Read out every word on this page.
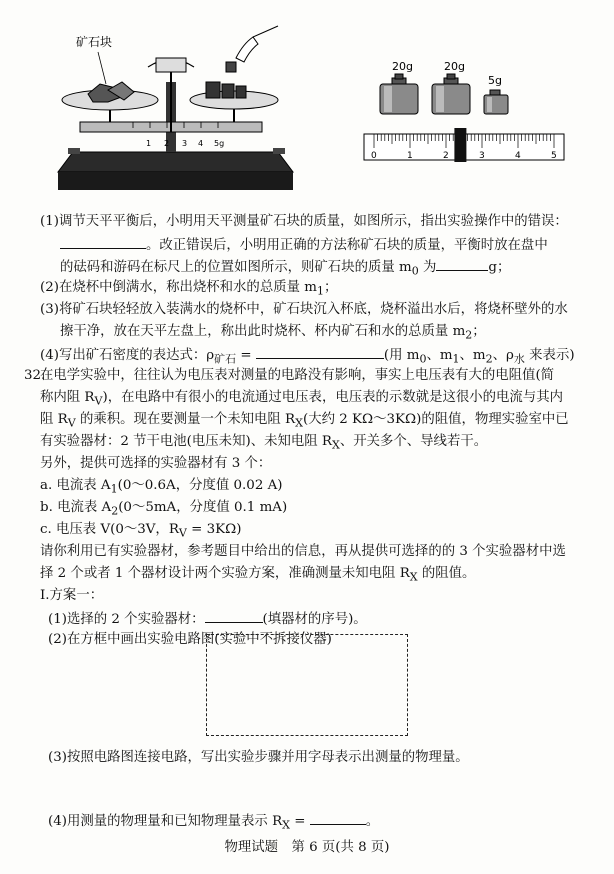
矿石块
1 2 3 4 5g
20g	20g
5g
0	1	2	3	4	5
(1)调节天平平衡后，小明用天平测量矿石块的质量，如图所示，指出实验操作中的错误：
。改正错误后，小明用正确的方法称矿石块的质量，平衡时放在盘中
的砝码和游码在标尺上的位置如图所示，则矿石块的质量 $m_0$ 为	g；
(2)在烧杯中倒满水，称出烧杯和水的总质量 $m_1$；
(3)将矿石块轻轻放入装满水的烧杯中，矿石块沉入杯底，烧杯溢出水后，将烧杯壁外的水
擦干净，放在天平左盘上，称出此时烧杯、杯内矿石和水的总质量 $m_2$；
(4)写出矿石密度的表达式：$\rho_{矿石}$ =	(用 $m_0$、$m_1$、$m_2$、$\rho_水$ 来表示)
32.在电学实验中，往往认为电压表对测量的电路没有影响，事实上电压表有大的电阻值(简
称内阻 $R_V$)，在电路中有很小的电流通过电压表，电压表的示数就是这很小的电流与其内
阻 $R_V$ 的乘积。现在要测量一个未知电阻 $R_X$(大约 2 KΩ～3KΩ)的阻值，物理实验室中已
有实验器材：2 节干电池(电压未知)、未知电阻 $R_X$、开关多个、导线若干。
另外，提供可选择的实验器材有 3 个：
a. 电流表 $A_1(0\sim 0.6A$，分度值 0.02 A)
b. 电流表 $A_2(0\sim 5mA$，分度值 0.1 mA)
c. 电压表 V(0～3V，$R_V = 3K\Omega$)
请你利用已有实验器材，参考题目中给出的信息，再从提供可选择的的 3 个实验器材中选
择 2 个或者 1 个器材设计两个实验方案，准确测量未知电阻 $R_X$ 的阻值。
Ⅰ.方案一：
(1)选择的 2 个实验器材：	(填器材的序号)。
(2)在方框中画出实验电路图(实验中不拆接仪器)
(3)按照电路图连接电路，写出实验步骤并用字母表示出测量的物理量。
(4)用测量的物理量和已知物理量表示 $R_X$ =	。
物理试题　第 6 页(共 8 页)
